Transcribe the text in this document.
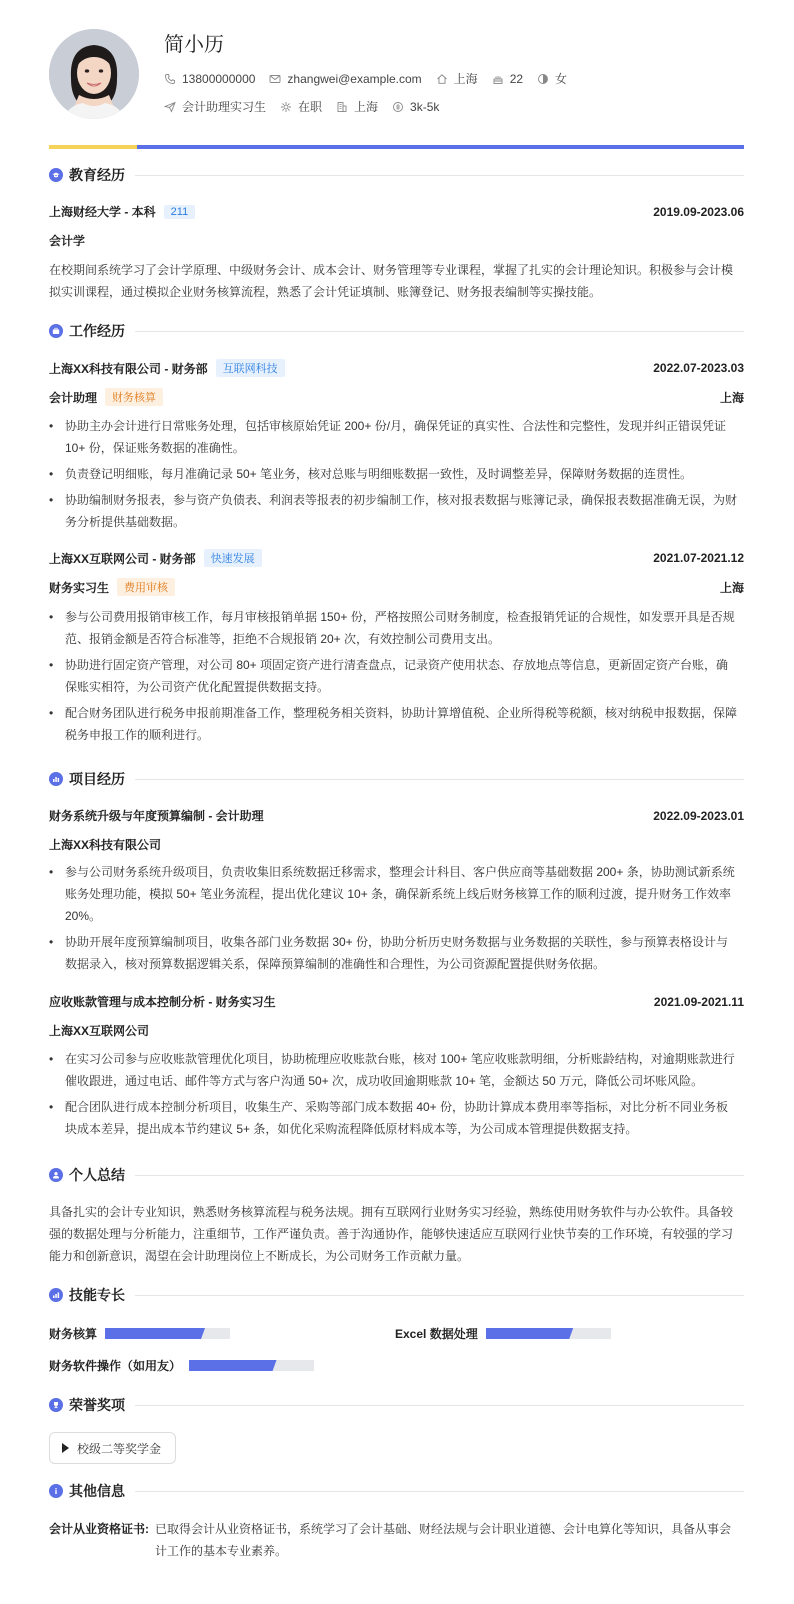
简小历
13800000000	zhangwei@example.com	上海	22	女
会计助理实习生	在职	上海	3k-5k
教育经历
上海财经大学 - 本科	211	2019.09-2023.06
会计学
在校期间系统学习了会计学原理、中级财务会计、成本会计、财务管理等专业课程，掌握了扎实的会计理论知识。积极参与会计模拟实训课程，通过模拟企业财务核算流程，熟悉了会计凭证填制、账簿登记、财务报表编制等实操技能。
工作经历
上海XX科技有限公司 - 财务部	互联网科技	2022.07-2023.03
会计助理	财务核算	上海
• 协助主办会计进行日常账务处理，包括审核原始凭证 200+ 份/月，确保凭证的真实性、合法性和完整性，发现并纠正错误凭证 10+ 份，保证账务数据的准确性。
• 负责登记明细账，每月准确记录 50+ 笔业务，核对总账与明细账数据一致性，及时调整差异，保障财务数据的连贯性。
• 协助编制财务报表，参与资产负债表、利润表等报表的初步编制工作，核对报表数据与账簿记录，确保报表数据准确无误，为财务分析提供基础数据。
上海XX互联网公司 - 财务部	快速发展	2021.07-2021.12
财务实习生	费用审核	上海
• 参与公司费用报销审核工作，每月审核报销单据 150+ 份，严格按照公司财务制度，检查报销凭证的合规性，如发票开具是否规范、报销金额是否符合标准等，拒绝不合规报销 20+ 次，有效控制公司费用支出。
• 协助进行固定资产管理，对公司 80+ 项固定资产进行清查盘点，记录资产使用状态、存放地点等信息，更新固定资产台账，确保账实相符，为公司资产优化配置提供数据支持。
• 配合财务团队进行税务申报前期准备工作，整理税务相关资料，协助计算增值税、企业所得税等税额，核对纳税申报数据，保障税务申报工作的顺利进行。
项目经历
财务系统升级与年度预算编制 - 会计助理	2022.09-2023.01
上海XX科技有限公司
• 参与公司财务系统升级项目，负责收集旧系统数据迁移需求，整理会计科目、客户供应商等基础数据 200+ 条，协助测试新系统账务处理功能，模拟 50+ 笔业务流程，提出优化建议 10+ 条，确保新系统上线后财务核算工作的顺利过渡，提升财务工作效率 20%。
• 协助开展年度预算编制项目，收集各部门业务数据 30+ 份，协助分析历史财务数据与业务数据的关联性，参与预算表格设计与数据录入，核对预算数据逻辑关系，保障预算编制的准确性和合理性，为公司资源配置提供财务依据。
应收账款管理与成本控制分析 - 财务实习生	2021.09-2021.11
上海XX互联网公司
• 在实习公司参与应收账款管理优化项目，协助梳理应收账款台账，核对 100+ 笔应收账款明细，分析账龄结构，对逾期账款进行催收跟进，通过电话、邮件等方式与客户沟通 50+ 次，成功收回逾期账款 10+ 笔，金额达 50 万元，降低公司坏账风险。
• 配合团队进行成本控制分析项目，收集生产、采购等部门成本数据 40+ 份，协助计算成本费用率等指标，对比分析不同业务板块成本差异，提出成本节约建议 5+ 条，如优化采购流程降低原材料成本等，为公司成本管理提供数据支持。
个人总结
具备扎实的会计专业知识，熟悉财务核算流程与税务法规。拥有互联网行业财务实习经验，熟练使用财务软件与办公软件。具备较强的数据处理与分析能力，注重细节，工作严谨负责。善于沟通协作，能够快速适应互联网行业快节奏的工作环境，有较强的学习能力和创新意识，渴望在会计助理岗位上不断成长，为公司财务工作贡献力量。
技能专长
财务核算	Excel 数据处理
财务软件操作（如用友）
荣誉奖项
校级二等奖学金
其他信息
会计从业资格证书: 已取得会计从业资格证书，系统学习了会计基础、财经法规与会计职业道德、会计电算化等知识，具备从事会计工作的基本专业素养。
